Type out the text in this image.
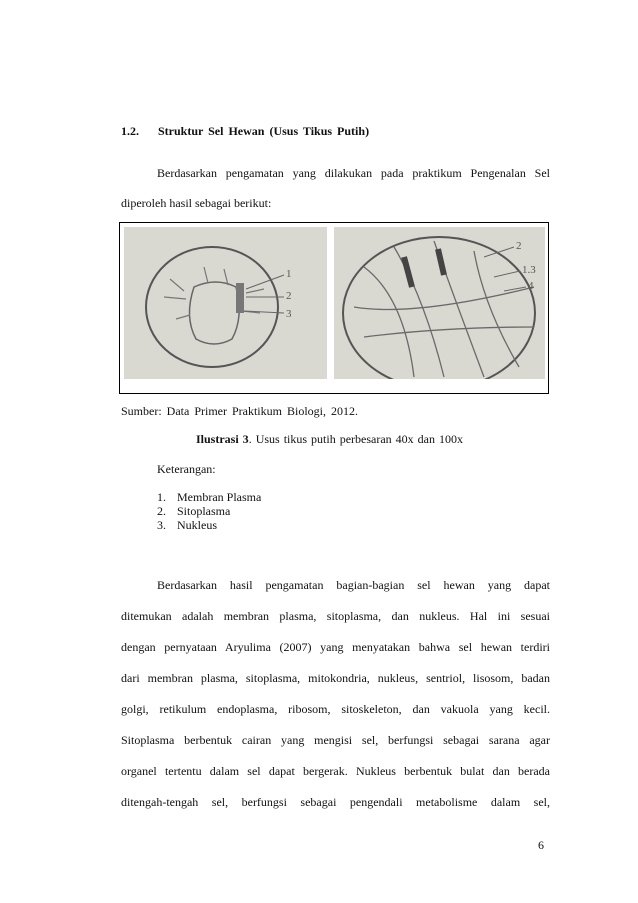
1.2. Struktur Sel Hewan (Usus Tikus Putih)
Berdasarkan pengamatan yang dilakukan pada praktikum Pengenalan Sel
diperoleh hasil sebagai berikut:
1
2
3
2
1.3
4
Sumber: Data Primer Praktikum Biologi, 2012.
Ilustrasi 3. Usus tikus putih perbesaran 40x dan 100x
Keterangan:
1. Membran Plasma
2. Sitoplasma
3. Nukleus
Berdasarkan hasil pengamatan bagian-bagian sel hewan yang dapat
ditemukan adalah membran plasma, sitoplasma, dan nukleus. Hal ini sesuai
dengan pernyataan Aryulima (2007) yang menyatakan bahwa sel hewan terdiri
dari membran plasma, sitoplasma, mitokondria, nukleus, sentriol, lisosom, badan
golgi, retikulum endoplasma, ribosom, sitoskeleton, dan vakuola yang kecil.
Sitoplasma berbentuk cairan yang mengisi sel, berfungsi sebagai sarana agar
organel tertentu dalam sel dapat bergerak. Nukleus berbentuk bulat dan berada
ditengah-tengah sel, berfungsi sebagai pengendali metabolisme dalam sel,
6
